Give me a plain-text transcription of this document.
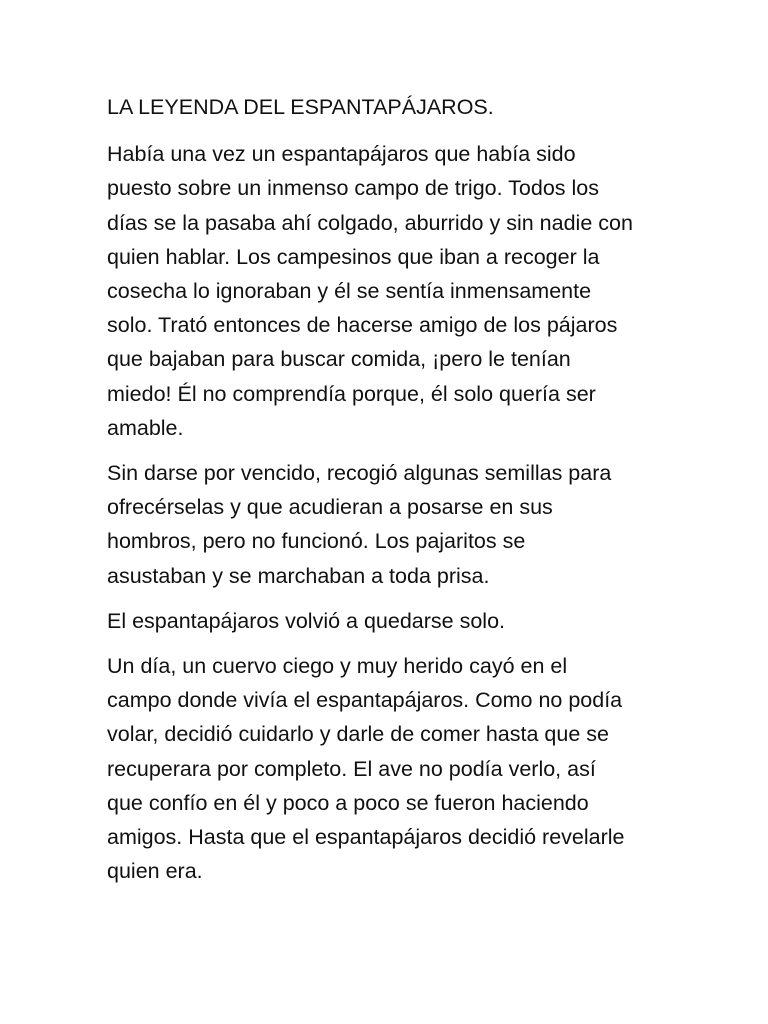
LA LEYENDA DEL ESPANTAPÁJAROS.

Había una vez un espantapájaros que había sido
puesto sobre un inmenso campo de trigo. Todos los
días se la pasaba ahí colgado, aburrido y sin nadie con
quien hablar. Los campesinos que iban a recoger la
cosecha lo ignoraban y él se sentía inmensamente
solo. Trató entonces de hacerse amigo de los pájaros
que bajaban para buscar comida, ¡pero le tenían
miedo! Él no comprendía porque, él solo quería ser
amable.

Sin darse por vencido, recogió algunas semillas para
ofrecérselas y que acudieran a posarse en sus
hombros, pero no funcionó. Los pajaritos se
asustaban y se marchaban a toda prisa.

El espantapájaros volvió a quedarse solo.

Un día, un cuervo ciego y muy herido cayó en el
campo donde vivía el espantapájaros. Como no podía
volar, decidió cuidarlo y darle de comer hasta que se
recuperara por completo. El ave no podía verlo, así
que confío en él y poco a poco se fueron haciendo
amigos. Hasta que el espantapájaros decidió revelarle
quien era.
